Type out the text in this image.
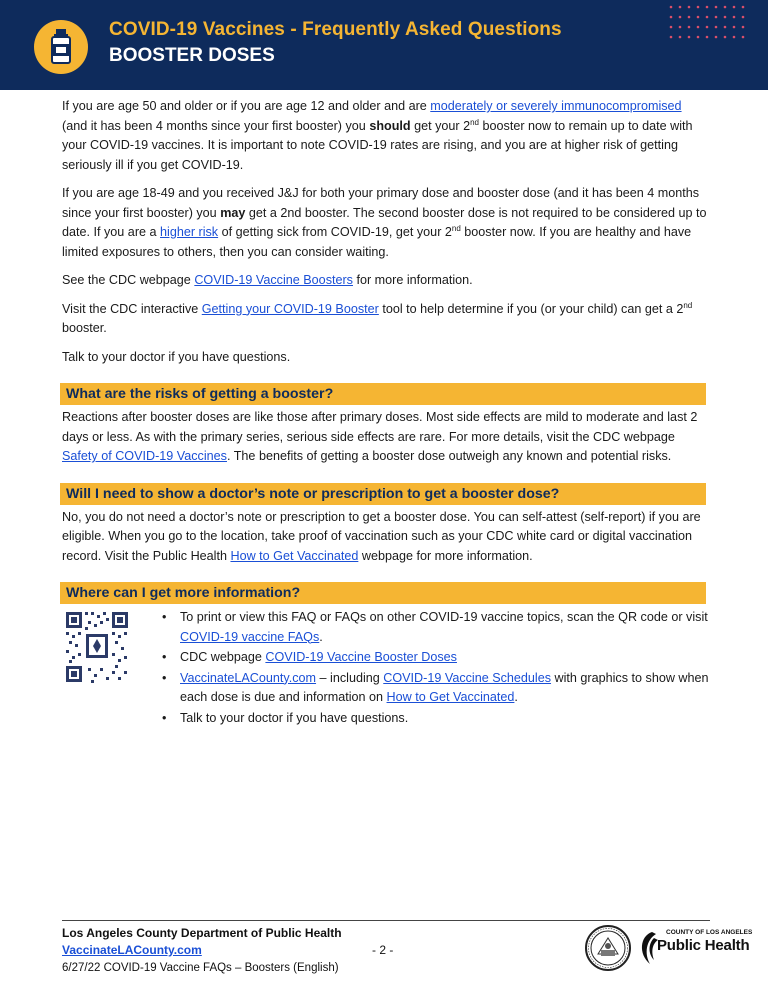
COVID-19 Vaccines - Frequently Asked Questions
BOOSTER DOSES

If you are age 50 and older or if you are age 12 and older and are moderately or severely immunocompromised (and it has been 4 months since your first booster) you should get your 2nd booster now to remain up to date with your COVID-19 vaccines. It is important to note COVID-19 rates are rising, and you are at higher risk of getting seriously ill if you get COVID-19.

If you are age 18-49 and you received J&J for both your primary dose and booster dose (and it has been 4 months since your first booster) you may get a 2nd booster. The second booster dose is not required to be considered up to date. If you are a higher risk of getting sick from COVID-19, get your 2nd booster now. If you are healthy and have limited exposures to others, then you can consider waiting.

See the CDC webpage COVID-19 Vaccine Boosters for more information.

Visit the CDC interactive Getting your COVID-19 Booster tool to help determine if you (or your child) can get a 2nd booster.

Talk to your doctor if you have questions.

What are the risks of getting a booster?

Reactions after booster doses are like those after primary doses. Most side effects are mild to moderate and last 2 days or less. As with the primary series, serious side effects are rare. For more details, visit the CDC webpage Safety of COVID-19 Vaccines. The benefits of getting a booster dose outweigh any known and potential risks.

Will I need to show a doctor’s note or prescription to get a booster dose?

No, you do not need a doctor’s note or prescription to get a booster dose. You can self-attest (self-report) if you are eligible. When you go to the location, take proof of vaccination such as your CDC white card or digital vaccination record. Visit the Public Health How to Get Vaccinated webpage for more information.

Where can I get more information?
• To print or view this FAQ or FAQs on other COVID-19 vaccine topics, scan the QR code or visit COVID-19 vaccine FAQs.
• CDC webpage COVID-19 Vaccine Booster Doses
• VaccinateLACounty.com – including COVID-19 Vaccine Schedules with graphics to show when each dose is due and information on How to Get Vaccinated.
• Talk to your doctor if you have questions.
Los Angeles County Department of Public Health
VaccinateLACounty.com
6/27/22 COVID-19 Vaccine FAQs – Boosters (English)
- 2 -
COUNTY OF LOS ANGELES
Public Health
